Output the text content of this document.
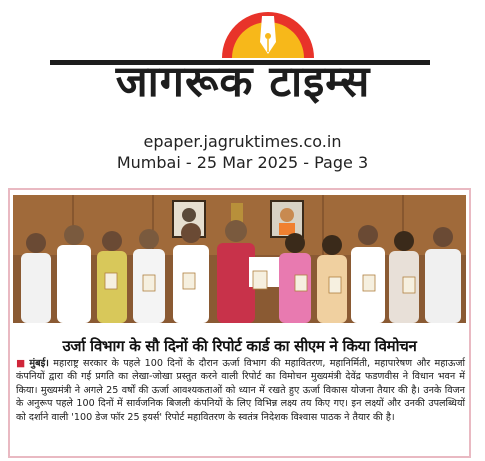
जागरूक टाइम्स
epaper.jagruktimes.co.in
Mumbai - 25 Mar 2025 - Page 3
उर्जा विभाग के सौ दिनों की रिपोर्ट कार्ड का सीएम ने किया विमोचन
■ मुंबई। महाराष्ट्र सरकार के पहले 100 दिनों के दौरान ऊर्जा विभाग की महावितरण, महानिर्मिती, महापारेषण और महाऊर्जा कंपनियों द्वारा की गई प्रगति का लेखा-जोखा प्रस्तुत करने वाली रिपोर्ट का विमोचन मुख्यमंत्री देवेंद्र फडणवीस ने विधान भवन में किया। मुख्यमंत्री ने अगले 25 वर्षों की ऊर्जा आवश्यकताओं को ध्यान में रखते हुए ऊर्जा विकास योजना तैयार की है। उनके विजन के अनुरूप पहले 100 दिनों में सार्वजनिक बिजली कंपनियों के लिए विभिन्न लक्ष्य तय किए गए। इन लक्ष्यों और उनकी उपलब्धियों को दर्शाने वाली '100 डेज फॉर 25 इयर्स' रिपोर्ट महावितरण के स्वतंत्र निदेशक विश्वास पाठक ने तैयार की है।
